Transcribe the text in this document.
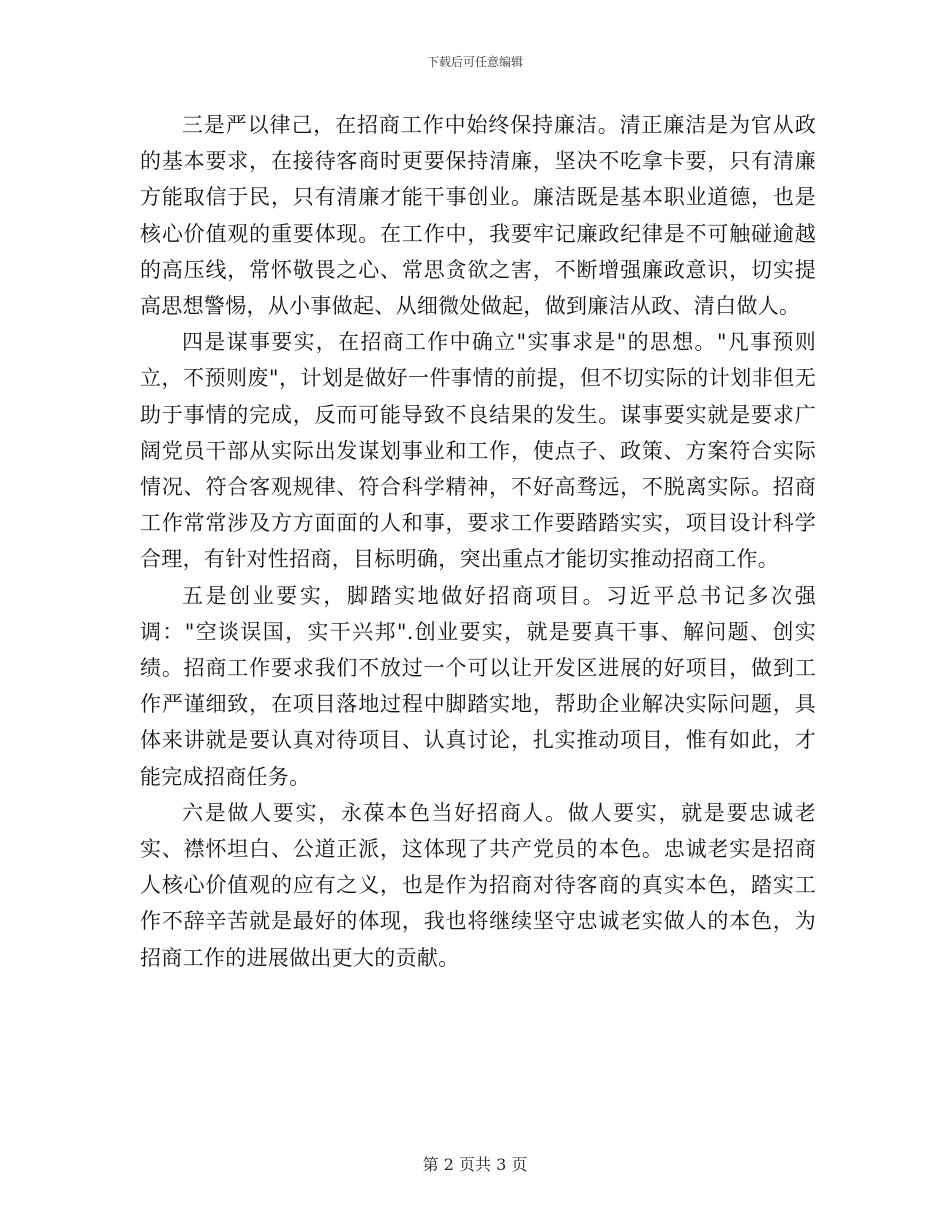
下载后可任意编辑

三是严以律己，在招商工作中始终保持廉洁。清正廉洁是为官从政的基本要求，在接待客商时更要保持清廉，坚决不吃拿卡要，只有清廉方能取信于民，只有清廉才能干事创业。廉洁既是基本职业道德，也是核心价值观的重要体现。在工作中，我要牢记廉政纪律是不可触碰逾越的高压线，常怀敬畏之心、常思贪欲之害，不断增强廉政意识，切实提高思想警惕，从小事做起、从细微处做起，做到廉洁从政、清白做人。

四是谋事要实，在招商工作中确立"实事求是"的思想。"凡事预则立，不预则废"，计划是做好一件事情的前提，但不切实际的计划非但无助于事情的完成，反而可能导致不良结果的发生。谋事要实就是要求广阔党员干部从实际出发谋划事业和工作，使点子、政策、方案符合实际情况、符合客观规律、符合科学精神，不好高骛远，不脱离实际。招商工作常常涉及方方面面的人和事，要求工作要踏踏实实，项目设计科学合理，有针对性招商，目标明确，突出重点才能切实推动招商工作。

五是创业要实，脚踏实地做好招商项目。习近平总书记多次强调："空谈误国，实干兴邦".创业要实，就是要真干事、解问题、创实绩。招商工作要求我们不放过一个可以让开发区进展的好项目，做到工作严谨细致，在项目落地过程中脚踏实地，帮助企业解决实际问题，具体来讲就是要认真对待项目、认真讨论，扎实推动项目，惟有如此，才能完成招商任务。

六是做人要实，永葆本色当好招商人。做人要实，就是要忠诚老实、襟怀坦白、公道正派，这体现了共产党员的本色。忠诚老实是招商人核心价值观的应有之义，也是作为招商对待客商的真实本色，踏实工作不辞辛苦就是最好的体现，我也将继续坚守忠诚老实做人的本色，为招商工作的进展做出更大的贡献。

第 2 页共 3 页
